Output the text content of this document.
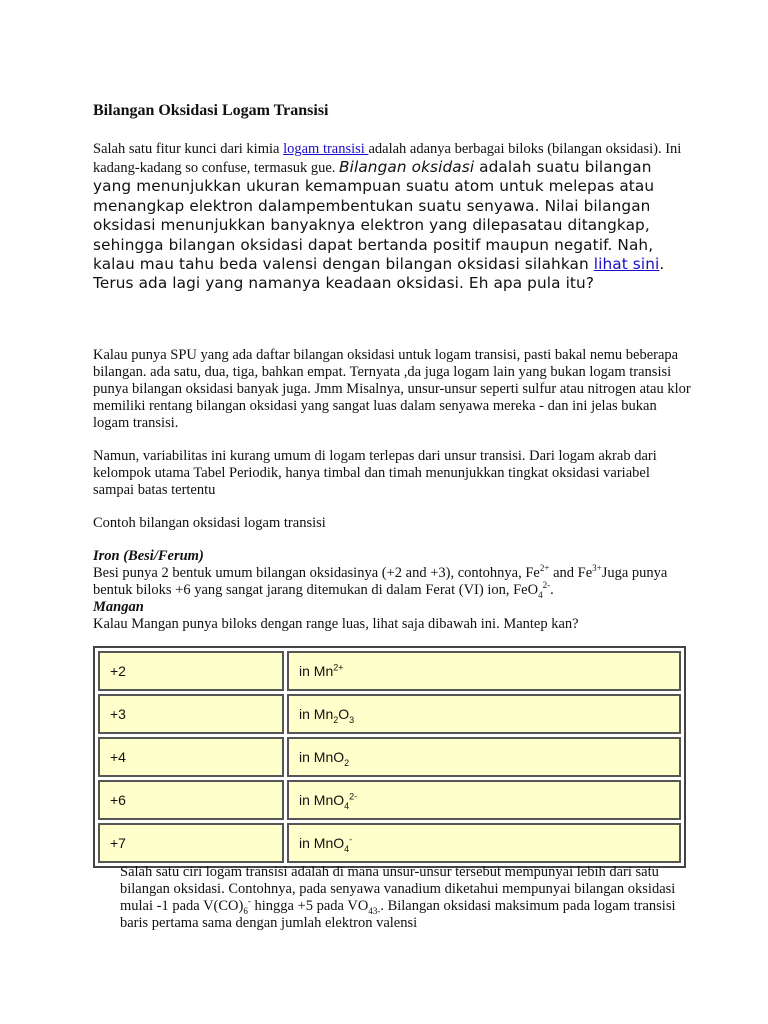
Bilangan Oksidasi Logam Transisi
Salah satu fitur kunci dari kimia logam transisi adalah adanya berbagai biloks (bilangan oksidasi). Ini kadang-kadang so confuse, termasuk gue. Bilangan oksidasi adalah suatu bilangan yang menunjukkan ukuran kemampuan suatu atom untuk melepas atau menangkap elektron dalampembentukan suatu senyawa. Nilai bilangan oksidasi menunjukkan banyaknya elektron yang dilepasatau ditangkap, sehingga bilangan oksidasi dapat bertanda positif maupun negatif. Nah, kalau mau tahu beda valensi dengan bilangan oksidasi silahkan lihat sini. Terus ada lagi yang namanya keadaan oksidasi. Eh apa pula itu?

Kalau punya SPU yang ada daftar bilangan oksidasi untuk logam transisi, pasti bakal nemu beberapa bilangan. ada satu, dua, tiga, bahkan empat. Ternyata ,da juga logam lain yang bukan logam transisi punya bilangan oksidasi banyak juga. Jmm Misalnya, unsur-unsur seperti sulfur atau nitrogen atau klor memiliki rentang bilangan oksidasi yang sangat luas dalam senyawa mereka - dan ini jelas bukan logam transisi.

Namun, variabilitas ini kurang umum di logam terlepas dari unsur transisi. Dari logam akrab dari kelompok utama Tabel Periodik, hanya timbal dan timah menunjukkan tingkat oksidasi variabel sampai batas tertentu

Contoh bilangan oksidasi logam transisi

Iron (Besi/Ferum)
Besi punya 2 bentuk umum bilangan oksidasinya (+2 and +3), contohnya, $Fe^{2+}$ and $Fe^{3+}Juga$ punya bentuk biloks +6 yang sangat jarang ditemukan di dalam Ferat (VI) ion, FeO$_4^{2-}$.
Mangan
Kalau Mangan punya biloks dengan range luas, lihat saja dibawah ini. Mantep kan?
+2	in $Mn^{2+}$
+3	in $Mn_2O_3$
+4	in MnO$_2$
+6	in MnO$_4^{2-}$
+7	in MnO$_4$-
Salah satu ciri logam transisi adalah di mana unsur-unsur tersebut mempunyai lebih dari satu bilangan oksidasi. Contohnya, pada senyawa vanadium diketahui mempunyai bilangan oksidasi mulai -1 pada $V(CO)_6^-$ hingga +5 pada $VO_{43-}$. Bilangan oksidasi maksimum pada logam transisi baris pertama sama dengan jumlah elektron valensi
